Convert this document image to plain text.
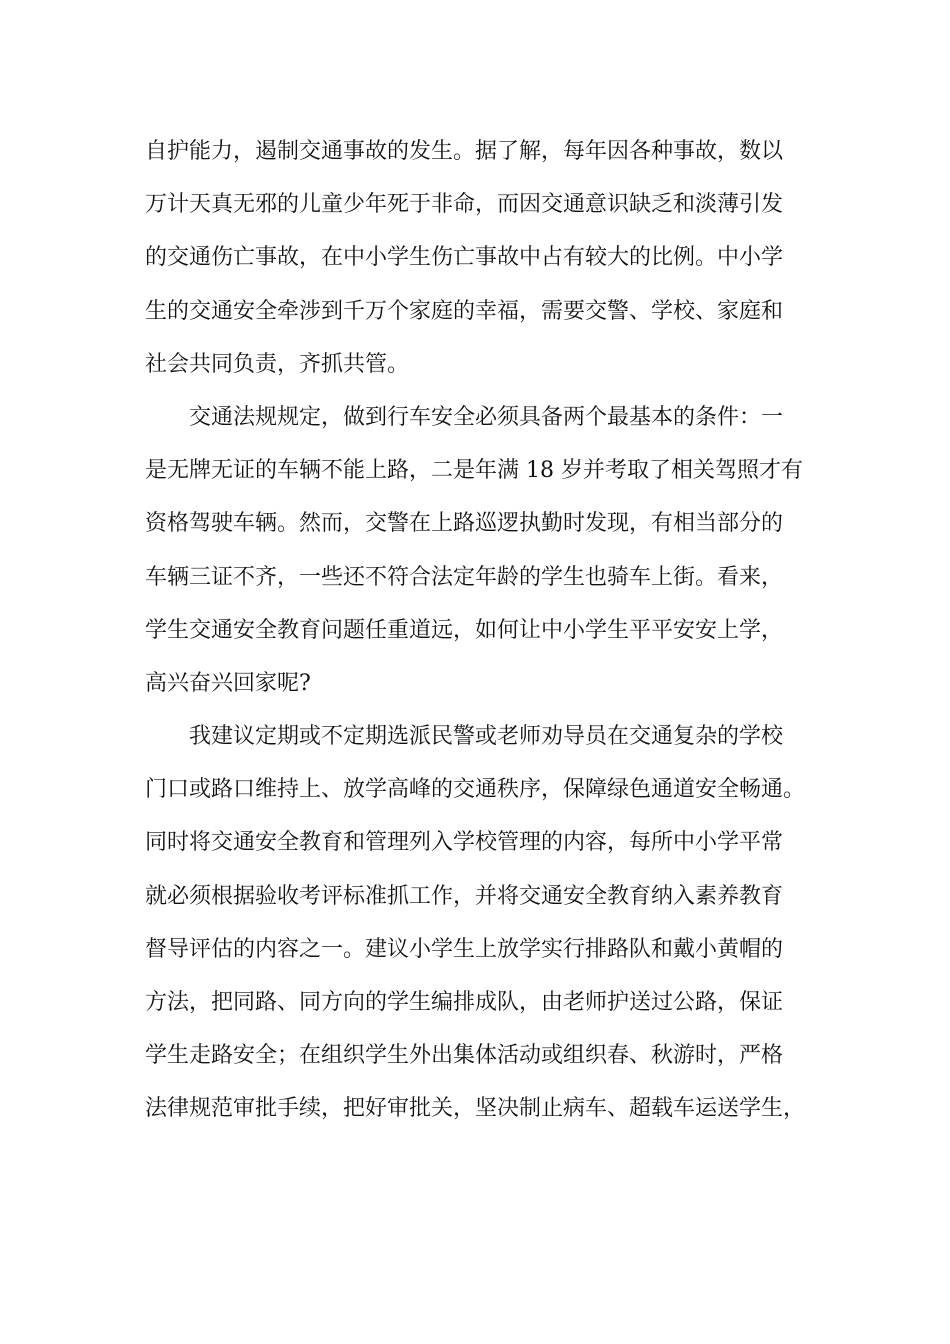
自护能力，遏制交通事故的发生。据了解，每年因各种事故，数以
万计天真无邪的儿童少年死于非命，而因交通意识缺乏和淡薄引发
的交通伤亡事故，在中小学生伤亡事故中占有较大的比例。中小学
生的交通安全牵涉到千万个家庭的幸福，需要交警、学校、家庭和
社会共同负责，齐抓共管。
交通法规规定，做到行车安全必须具备两个最基本的条件：一
是无牌无证的车辆不能上路，二是年满 18 岁并考取了相关驾照才有
资格驾驶车辆。然而，交警在上路巡逻执勤时发现，有相当部分的
车辆三证不齐，一些还不符合法定年龄的学生也骑车上街。看来，
学生交通安全教育问题任重道远，如何让中小学生平平安安上学，
高兴奋兴回家呢?
我建议定期或不定期选派民警或老师劝导员在交通复杂的学校
门口或路口维持上、放学高峰的交通秩序，保障绿色通道安全畅通。
同时将交通安全教育和管理列入学校管理的内容，每所中小学平常
就必须根据验收考评标准抓工作，并将交通安全教育纳入素养教育
督导评估的内容之一。建议小学生上放学实行排路队和戴小黄帽的
方法，把同路、同方向的学生编排成队，由老师护送过公路，保证
学生走路安全；在组织学生外出集体活动或组织春、秋游时，严格
法律规范审批手续，把好审批关，坚决制止病车、超载车运送学生，
